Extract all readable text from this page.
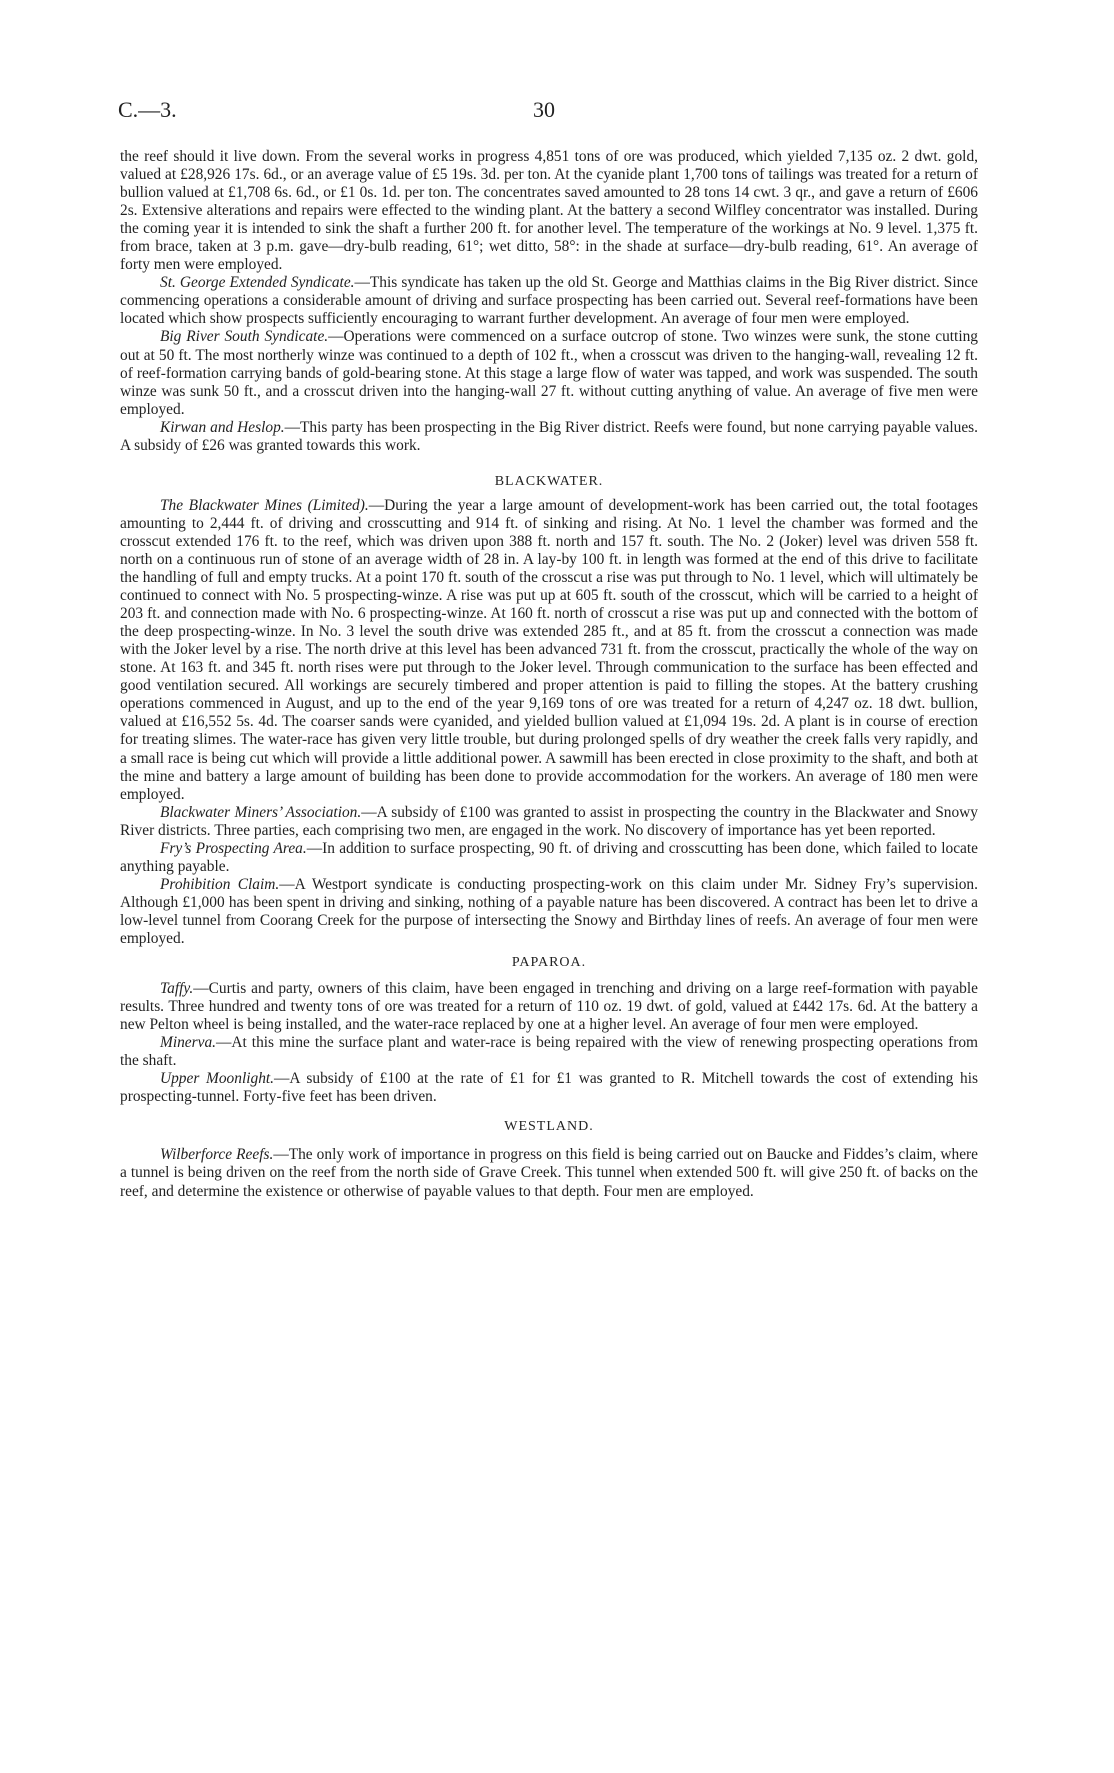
C.—3.	30

the reef should it live down. From the several works in progress 4,851 tons of ore was produced, which yielded 7,135 oz. 2 dwt. gold, valued at £28,926 17s. 6d., or an average value of £5 19s. 3d. per ton. At the cyanide plant 1,700 tons of tailings was treated for a return of bullion valued at £1,708 6s. 6d., or £1 0s. 1d. per ton. The concentrates saved amounted to 28 tons 14 cwt. 3 qr., and gave a return of £606 2s. Extensive alterations and repairs were effected to the winding plant. At the battery a second Wilfley concentrator was installed. During the coming year it is intended to sink the shaft a further 200 ft. for another level. The temperature of the workings at No. 9 level. 1,375 ft. from brace, taken at 3 p.m. gave—dry-bulb reading, 61°; wet ditto, 58°: in the shade at surface—dry-bulb reading, 61°. An average of forty men were employed.

St. George Extended Syndicate.—This syndicate has taken up the old St. George and Matthias claims in the Big River district. Since commencing operations a considerable amount of driving and surface prospecting has been carried out. Several reef-formations have been located which show prospects sufficiently encouraging to warrant further development. An average of four men were employed.

Big River South Syndicate.—Operations were commenced on a surface outcrop of stone. Two winzes were sunk, the stone cutting out at 50 ft. The most northerly winze was continued to a depth of 102 ft., when a crosscut was driven to the hanging-wall, revealing 12 ft. of reef-formation carrying bands of gold-bearing stone. At this stage a large flow of water was tapped, and work was suspended. The south winze was sunk 50 ft., and a crosscut driven into the hanging-wall 27 ft. without cutting anything of value. An average of five men were employed.

Kirwan and Heslop.—This party has been prospecting in the Big River district. Reefs were found, but none carrying payable values. A subsidy of £26 was granted towards this work.

BLACKWATER.

The Blackwater Mines (Limited).—During the year a large amount of development-work has been carried out, the total footages amounting to 2,444 ft. of driving and crosscutting and 914 ft. of sinking and rising. At No. 1 level the chamber was formed and the crosscut extended 176 ft. to the reef, which was driven upon 388 ft. north and 157 ft. south. The No. 2 (Joker) level was driven 558 ft. north on a continuous run of stone of an average width of 28 in. A lay-by 100 ft. in length was formed at the end of this drive to facilitate the handling of full and empty trucks. At a point 170 ft. south of the crosscut a rise was put through to No. 1 level, which will ultimately be continued to connect with No. 5 prospecting-winze. A rise was put up at 605 ft. south of the crosscut, which will be carried to a height of 203 ft. and connection made with No. 6 prospecting-winze. At 160 ft. north of crosscut a rise was put up and connected with the bottom of the deep prospecting-winze. In No. 3 level the south drive was extended 285 ft., and at 85 ft. from the crosscut a connection was made with the Joker level by a rise. The north drive at this level has been advanced 731 ft. from the crosscut, practically the whole of the way on stone. At 163 ft. and 345 ft. north rises were put through to the Joker level. Through communication to the surface has been effected and good ventilation secured. All workings are securely timbered and proper attention is paid to filling the stopes. At the battery crushing operations commenced in August, and up to the end of the year 9,169 tons of ore was treated for a return of 4,247 oz. 18 dwt. bullion, valued at £16,552 5s. 4d. The coarser sands were cyanided, and yielded bullion valued at £1,094 19s. 2d. A plant is in course of erection for treating slimes. The water-race has given very little trouble, but during prolonged spells of dry weather the creek falls very rapidly, and a small race is being cut which will provide a little additional power. A sawmill has been erected in close proximity to the shaft, and both at the mine and battery a large amount of building has been done to provide accommodation for the workers. An average of 180 men were employed.

Blackwater Miners’ Association.—A subsidy of £100 was granted to assist in prospecting the country in the Blackwater and Snowy River districts. Three parties, each comprising two men, are engaged in the work. No discovery of importance has yet been reported.

Fry’s Prospecting Area.—In addition to surface prospecting, 90 ft. of driving and crosscutting has been done, which failed to locate anything payable.

Prohibition Claim.—A Westport syndicate is conducting prospecting-work on this claim under Mr. Sidney Fry’s supervision. Although £1,000 has been spent in driving and sinking, nothing of a payable nature has been discovered. A contract has been let to drive a low-level tunnel from Coorang Creek for the purpose of intersecting the Snowy and Birthday lines of reefs. An average of four men were employed.

PAPAROA.

Taffy.—Curtis and party, owners of this claim, have been engaged in trenching and driving on a large reef-formation with payable results. Three hundred and twenty tons of ore was treated for a return of 110 oz. 19 dwt. of gold, valued at £442 17s. 6d. At the battery a new Pelton wheel is being installed, and the water-race replaced by one at a higher level. An average of four men were employed.

Minerva.—At this mine the surface plant and water-race is being repaired with the view of renewing prospecting operations from the shaft.

Upper Moonlight.—A subsidy of £100 at the rate of £1 for £1 was granted to R. Mitchell towards the cost of extending his prospecting-tunnel. Forty-five feet has been driven.

WESTLAND.

Wilberforce Reefs.—The only work of importance in progress on this field is being carried out on Baucke and Fiddes’s claim, where a tunnel is being driven on the reef from the north side of Grave Creek. This tunnel when extended 500 ft. will give 250 ft. of backs on the reef, and determine the existence or otherwise of payable values to that depth. Four men are employed.
